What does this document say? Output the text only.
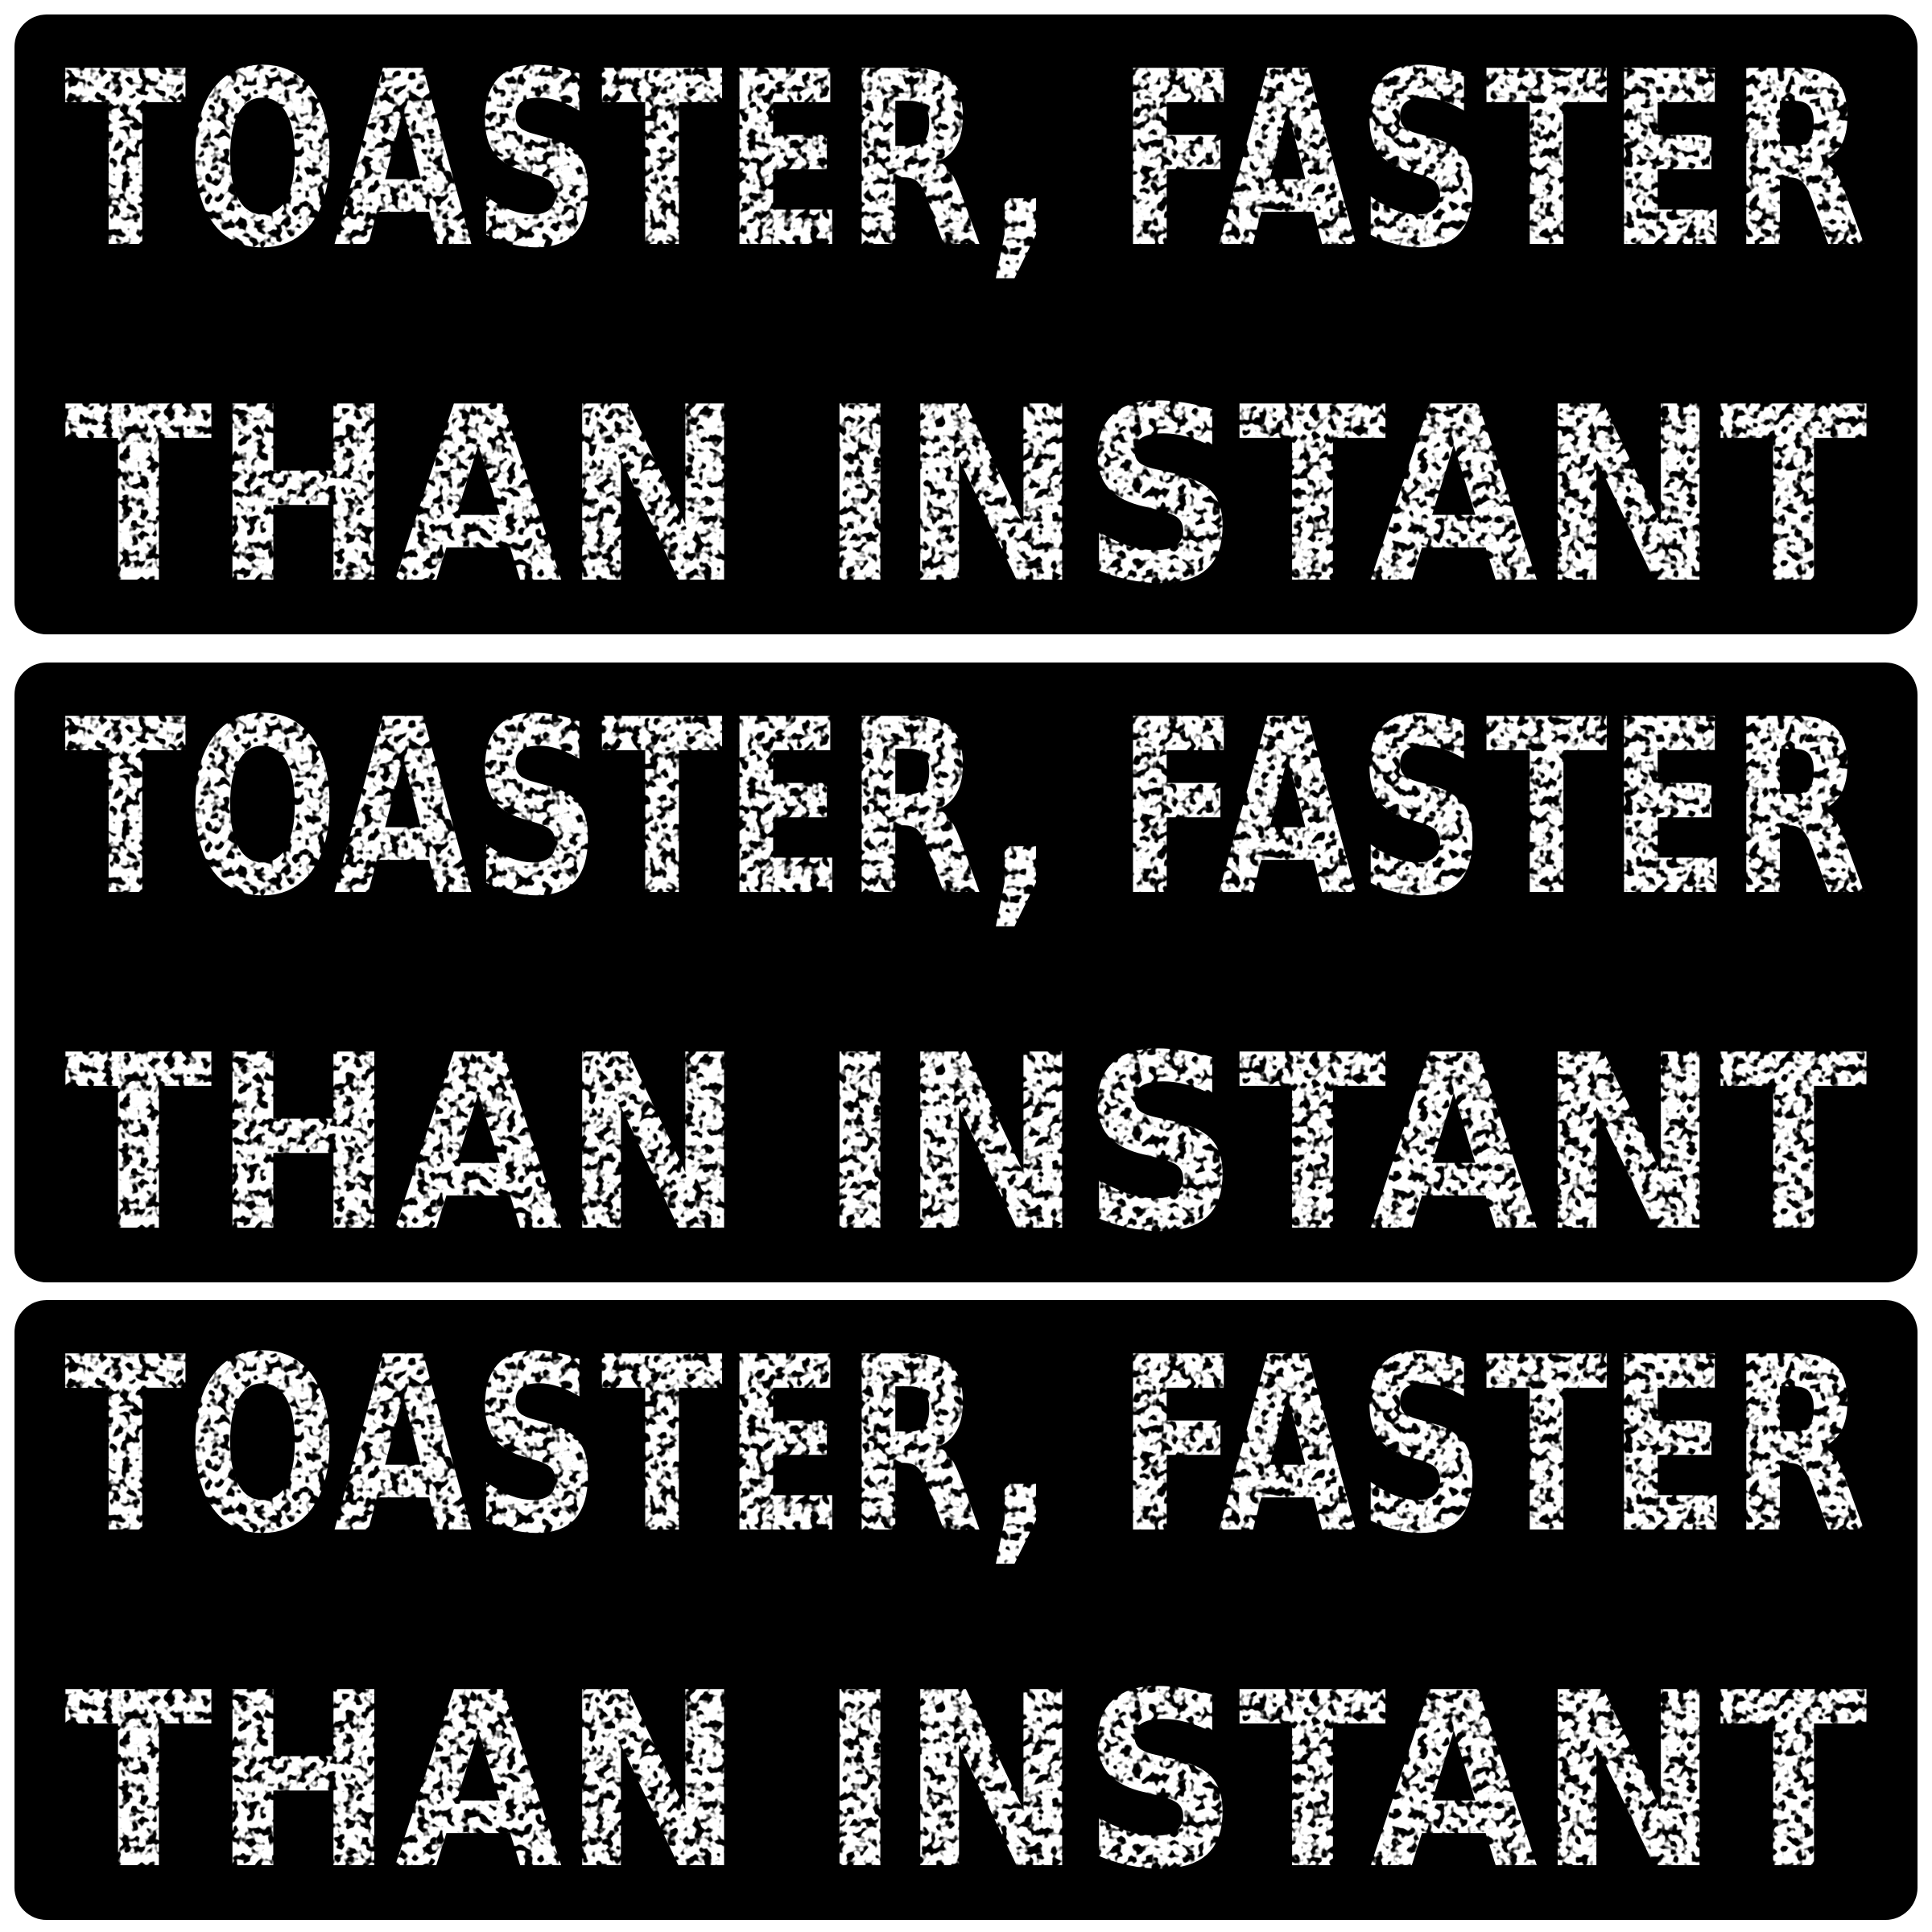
TOASTER, FASTER
THAN INSTANT
TOASTER, FASTER
THAN INSTANT
TOASTER, FASTER
THAN INSTANT
